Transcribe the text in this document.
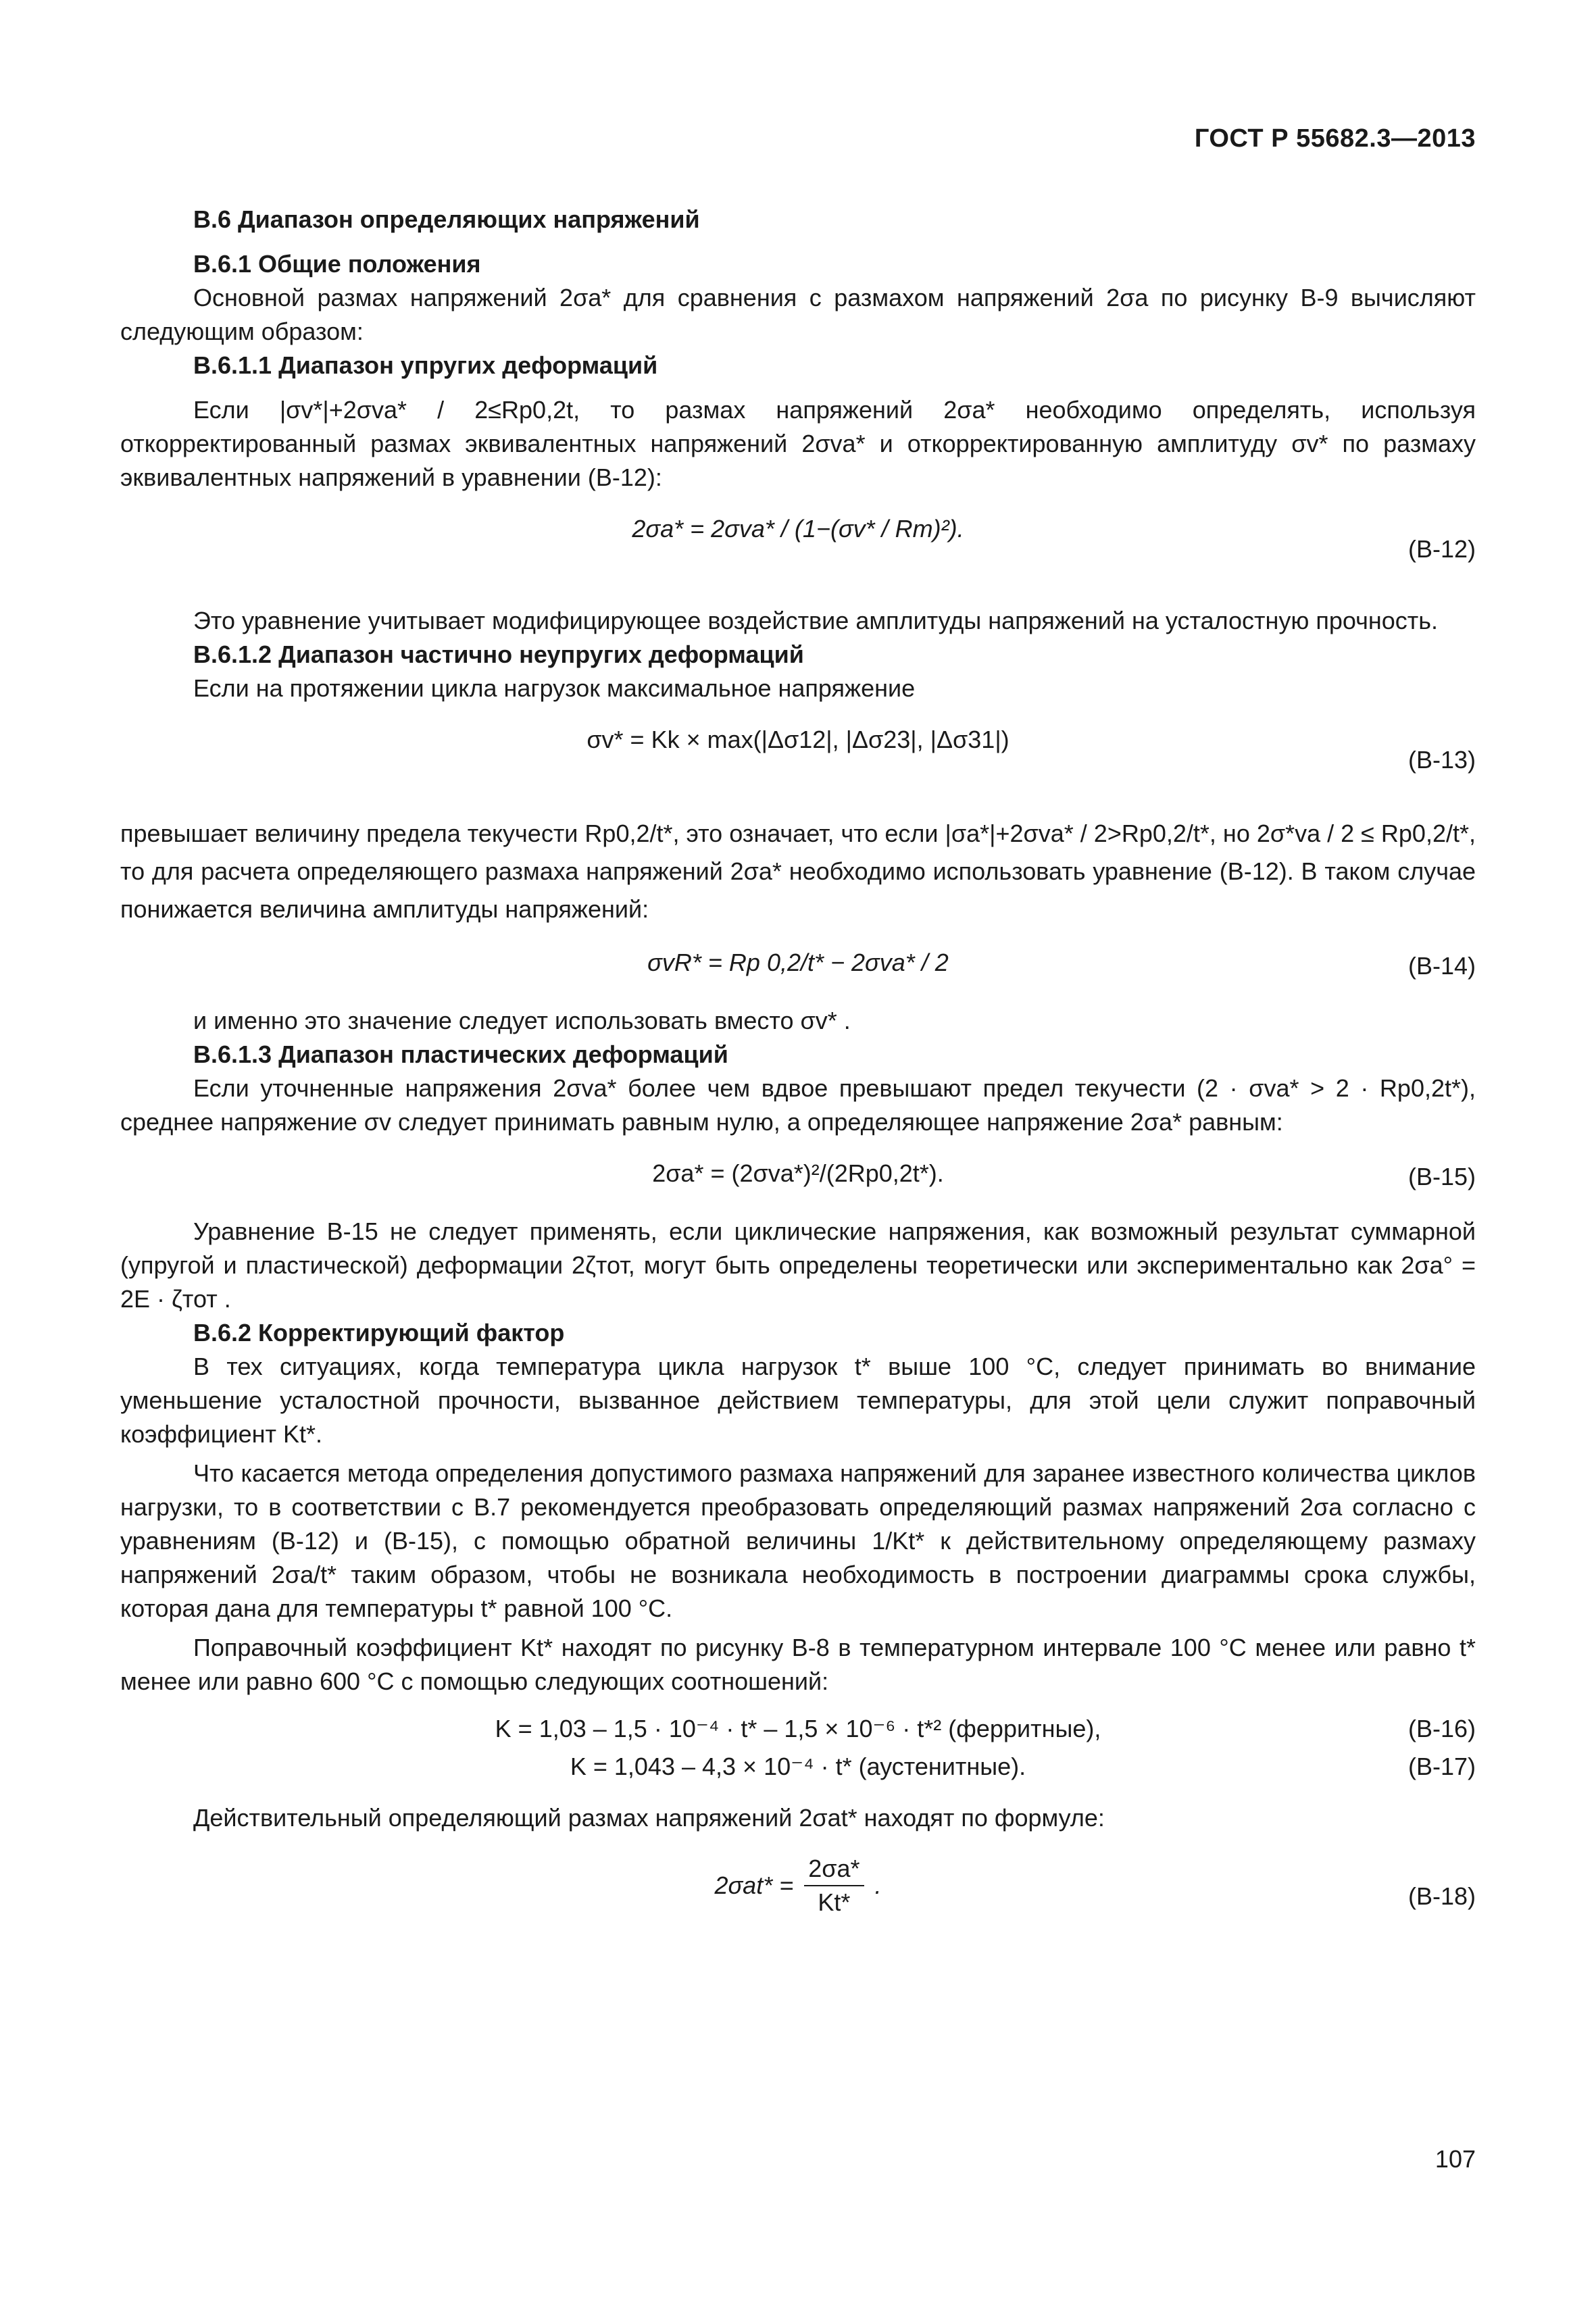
ГОСТ Р 55682.3—2013
В.6 Диапазон определяющих напряжений
В.6.1 Общие положения

Основной размах напряжений 2σa* для сравнения с размахом напряжений 2σa по рисунку В-9 вычисляют следующим образом:

В.6.1.1 Диапазон упругих деформаций

Если |σv*|+2σva* / 2≤Rp0,2t, то размах напряжений 2σa* необходимо определять, используя откорректированный размах эквивалентных напряжений 2σva* и откорректированную амплитуду σv* по размаху эквивалентных напряжений в уравнении (В-12):

2σa* = 2σva* / (1−(σv* / Rm)²).
(В-12)

Это уравнение учитывает модифицирующее воздействие амплитуды напряжений на усталостную прочность.

В.6.1.2 Диапазон частично неупругих деформаций

Если на протяжении цикла нагрузок максимальное напряжение

σv* = Kk × max(|Δσ12|, |Δσ23|, |Δσ31|)
(В-13)

превышает величину предела текучести Rp0,2/t*, это означает, что если |σa*|+2σva* / 2>Rp0,2/t*, но 2σ*va / 2 ≤ Rp0,2/t*, то для расчета определяющего размаха напряжений 2σa* необходимо использовать уравнение (В-12). В таком случае понижается величина амплитуды напряжений:

σvR* = Rp 0,2/t* − 2σva* / 2	(В-14)

и именно это значение следует использовать вместо σv* .

В.6.1.3 Диапазон пластических деформаций

Если уточненные напряжения 2σva* более чем вдвое превышают предел текучести (2 · σva* > 2 · Rp0,2t*), среднее напряжение σv следует принимать равным нулю, а определяющее напряжение 2σa* равным:

2σa* = (2σva*)²/(2Rp0,2t*).	(В-15)

Уравнение В-15 не следует применять, если циклические напряжения, как возможный результат суммарной (упругой и пластической) деформации 2ζтот, могут быть определены теоретически или экспериментально как 2σa° = 2E · ζтот .

В.6.2 Корректирующий фактор

В тех ситуациях, когда температура цикла нагрузок t* выше 100 °С, следует принимать во внимание уменьшение усталостной прочности, вызванное действием температуры, для этой цели служит поправочный коэффициент Kt*.

Что касается метода определения допустимого размаха напряжений для заранее известного количества циклов нагрузки, то в соответствии с В.7 рекомендуется преобразовать определяющий размах напряжений 2σa согласно с уравнениям (В-12) и (В-15), с помощью обратной величины 1/Kt* к действительному определяющему размаху напряжений 2σa/t* таким образом, чтобы не возникала необходимость в построении диаграммы срока службы, которая дана для температуры t* равной 100 °С.

Поправочный коэффициент Kt* находят по рисунку В-8 в температурном интервале 100 °С менее или равно t* менее или равно 600 °С с помощью следующих соотношений:

K = 1,03 – 1,5 · 10⁻⁴ · t* – 1,5 × 10⁻⁶ · t*² (ферритные),	(В-16)
K = 1,043 – 4,3 × 10⁻⁴ · t* (аустенитные).	(В-17)

Действительный определяющий размах напряжений 2σat* находят по формуле:

$2\sigma at* = \frac{2\sigma a*}{Kt*}$ .	(В-18)
107
